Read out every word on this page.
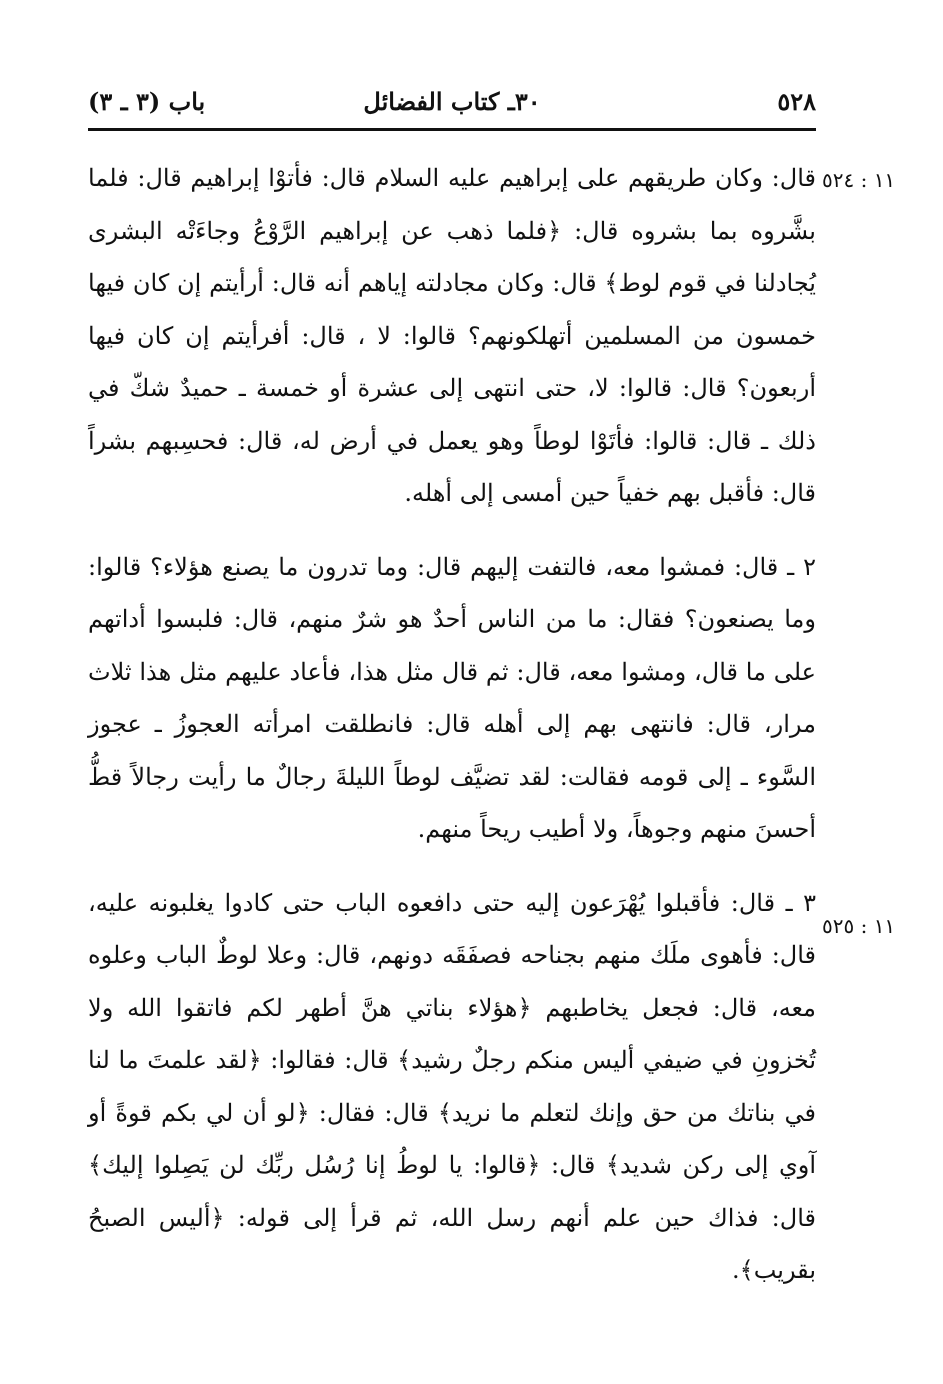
٥٢٨
٣٠ـ كتاب الفضائل
باب (٣ ـ ٣)
١١ : ٥٢٤
١١ : ٥٢٥

قال: وكان طريقهم على إبراهيم عليه السلام قال: فأتوْا إبراهيم قال: فلما بشَّروه بما بشروه قال: ﴿فلما ذهب عن إبراهيم الرَّوْعُ وجاءَتْه البشرى يُجادلنا في قوم لوط﴾ قال: وكان مجادلته إياهم أنه قال: أرأيتم إن كان فيها خمسون من المسلمين أتهلكونهم؟ قالوا: لا ، قال: أفرأيتم إن كان فيها أربعون؟ قال: قالوا: لا، حتى انتهى إلى عشرة أو خمسة ـ حميدٌ شكّ في ذلك ـ قال: قالوا: فأتَوْا لوطاً وهو يعمل في أرض له، قال: فحسِبهم بشراً قال: فأقبل بهم خفياً حين أمسى إلى أهله.

٢ ـ قال: فمشوا معه، فالتفت إليهم قال: وما تدرون ما يصنع هؤلاء؟ قالوا: وما يصنعون؟ فقال: ما من الناس أحدٌ هو شرٌ منهم، قال: فلبسوا أداتهم على ما قال، ومشوا معه، قال: ثم قال مثل هذا، فأعاد عليهم مثل هذا ثلاث مرار، قال: فانتهى بهم إلى أهله قال: فانطلقت امرأته العجوزُ ـ عجوز السَّوء ـ إلى قومه فقالت: لقد تضيَّف لوطاً الليلةَ رجالٌ ما رأيت رجالاً قطُّ أحسنَ منهم وجوهاً، ولا أطيب ريحاً منهم.

٣ ـ قال: فأقبلوا يُهْرَعون إليه حتى دافعوه الباب حتى كادوا يغلبونه عليه، قال: فأهوى ملَك منهم بجناحه فصفَقَه دونهم، قال: وعلا لوطٌ الباب وعلوه معه، قال: فجعل يخاطبهم ﴿هؤلاء بناتي هنَّ أطهر لكم فاتقوا الله ولا تُخزونِ في ضيفي أليس منكم رجلٌ رشيد﴾ قال: فقالوا: ﴿لقد علمتَ ما لنا في بناتك من حق وإنك لتعلم ما نريد﴾ قال: فقال: ﴿لو أن لي بكم قوةً أو آوي إلى ركن شديد﴾ قال: ﴿قالوا: يا لوطُ إنا رُسُل ربِّك لن يَصِلوا إليك﴾ قال: فذاك حين علم أنهم رسل الله، ثم قرأ إلى قوله: ﴿أليس الصبحُ بقريب﴾.
